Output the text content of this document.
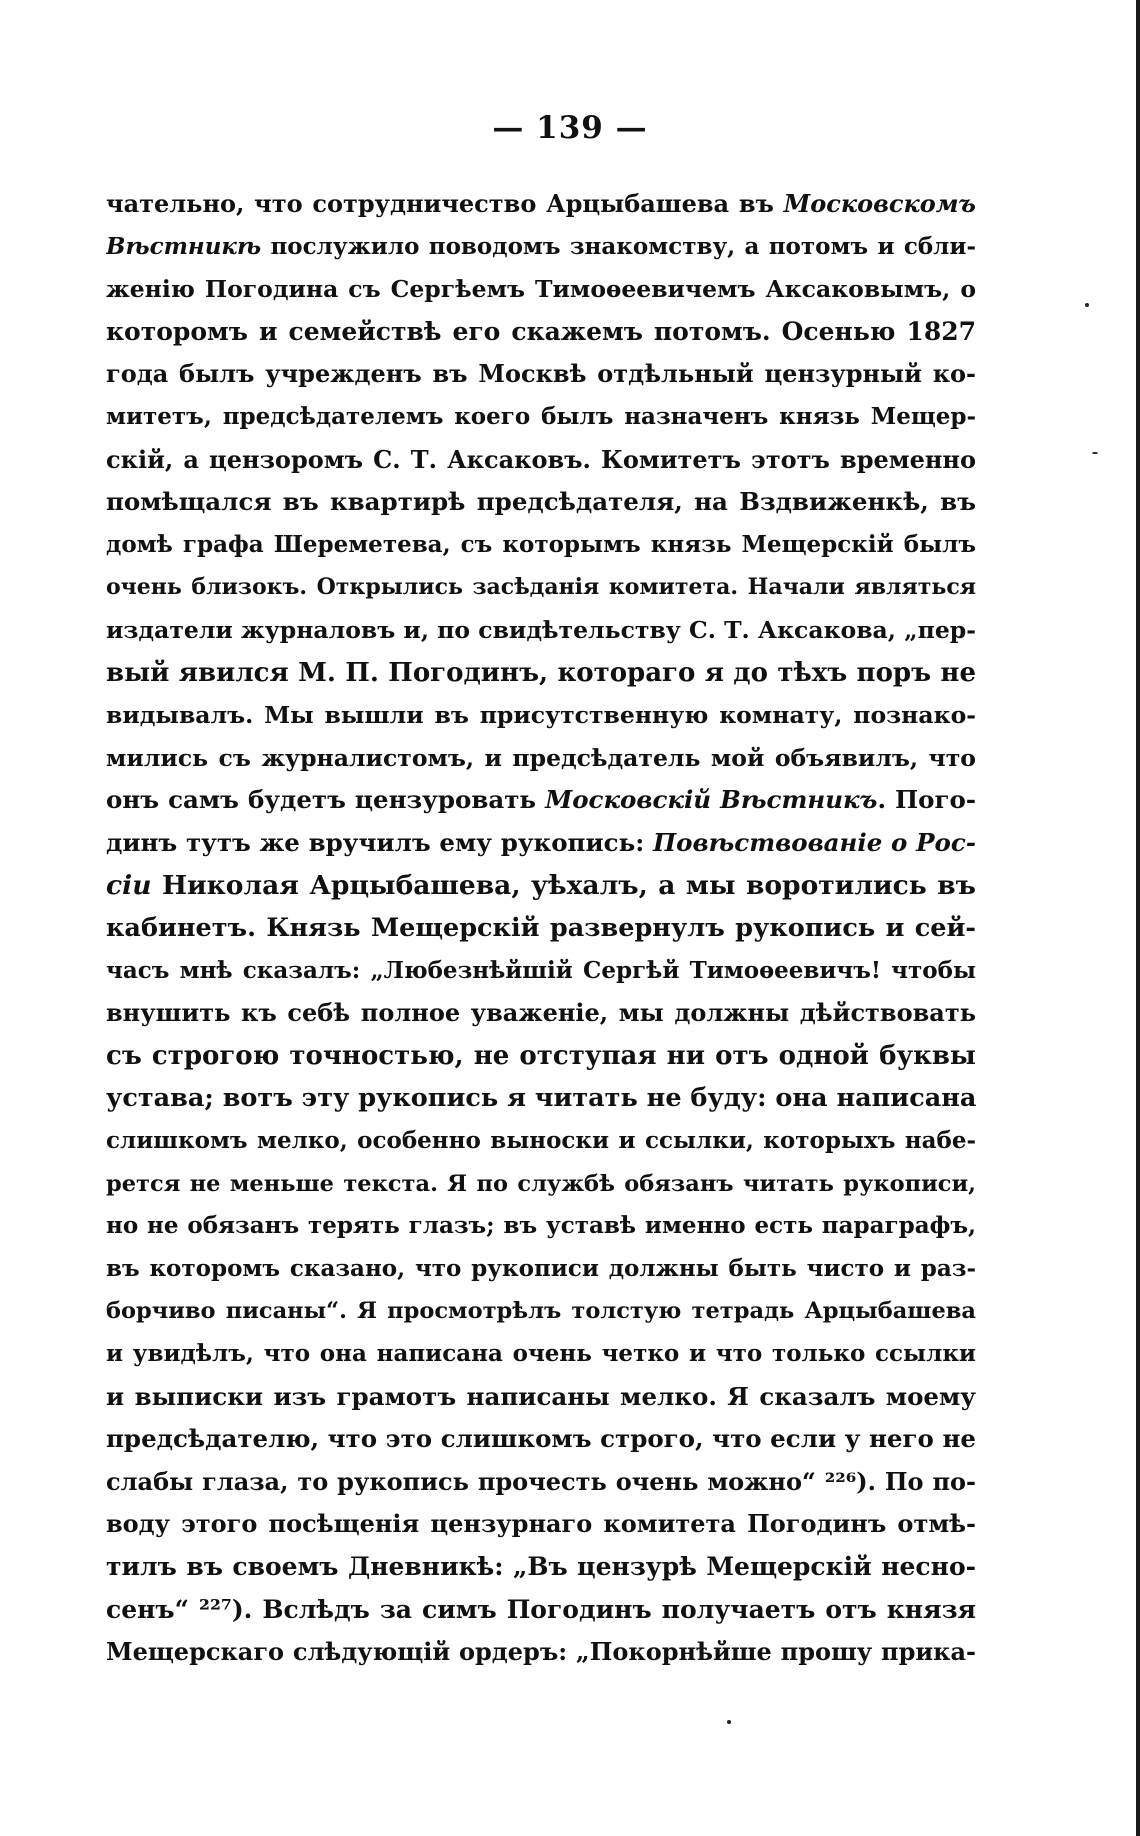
— 139 —
чательно, что сотрудничество Арцыбашева въ Московскомъ
Вѣстникѣ послужило поводомъ знакомству, а потомъ и сбли-
женію Погодина съ Сергѣемъ Тимоѳеевичемъ Аксаковымъ, о
которомъ и семействѣ его скажемъ потомъ. Осенью 1827
года былъ учрежденъ въ Москвѣ отдѣльный цензурный ко-
митетъ, предсѣдателемъ коего былъ назначенъ князь Мещер-
скій, а цензоромъ С. Т. Аксаковъ. Комитетъ этотъ временно
помѣщался въ квартирѣ предсѣдателя, на Вздвиженкѣ, въ
домѣ графа Шереметева, съ которымъ князь Мещерскій былъ
очень близокъ. Открылись засѣданія комитета. Начали являться
издатели журналовъ и, по свидѣтельству С. Т. Аксакова, „пер-
вый явился М. П. Погодинъ, котораго я до тѣхъ поръ не
видывалъ. Мы вышли въ присутственную комнату, познако-
мились съ журналистомъ, и предсѣдатель мой объявилъ, что
онъ самъ будетъ цензуровать Московскій Вѣстникъ. Пого-
динъ тутъ же вручилъ ему рукопись: Повѣствованіе о Рос-
сіи Николая Арцыбашева, уѣхалъ, а мы воротились въ
кабинетъ. Князь Мещерскій развернулъ рукопись и сей-
часъ мнѣ сказалъ: „Любезнѣйшій Сергѣй Тимоѳеевичъ! чтобы
внушить къ себѣ полное уваженіе, мы должны дѣйствовать
съ строгою точностью, не отступая ни отъ одной буквы
устава; вотъ эту рукопись я читать не буду: она написана
слишкомъ мелко, особенно выноски и ссылки, которыхъ набе-
рется не меньше текста. Я по службѣ обязанъ читать рукописи,
но не обязанъ терять глазъ; въ уставѣ именно есть параграфъ,
въ которомъ сказано, что рукописи должны быть чисто и раз-
борчиво писаны“. Я просмотрѣлъ толстую тетрадь Арцыбашева
и увидѣлъ, что она написана очень четко и что только ссылки
и выписки изъ грамотъ написаны мелко. Я сказалъ моему
предсѣдателю, что это слишкомъ строго, что если у него не
слабы глаза, то рукопись прочесть очень можно“ ²²⁶). По по-
воду этого посѣщенія цензурнаго комитета Погодинъ отмѣ-
тилъ въ своемъ Дневникѣ: „Въ цензурѣ Мещерскій несно-
сенъ“ ²²⁷). Вслѣдъ за симъ Погодинъ получаетъ отъ князя
Мещерскаго слѣдующій ордеръ: „Покорнѣйше прошу прика-
